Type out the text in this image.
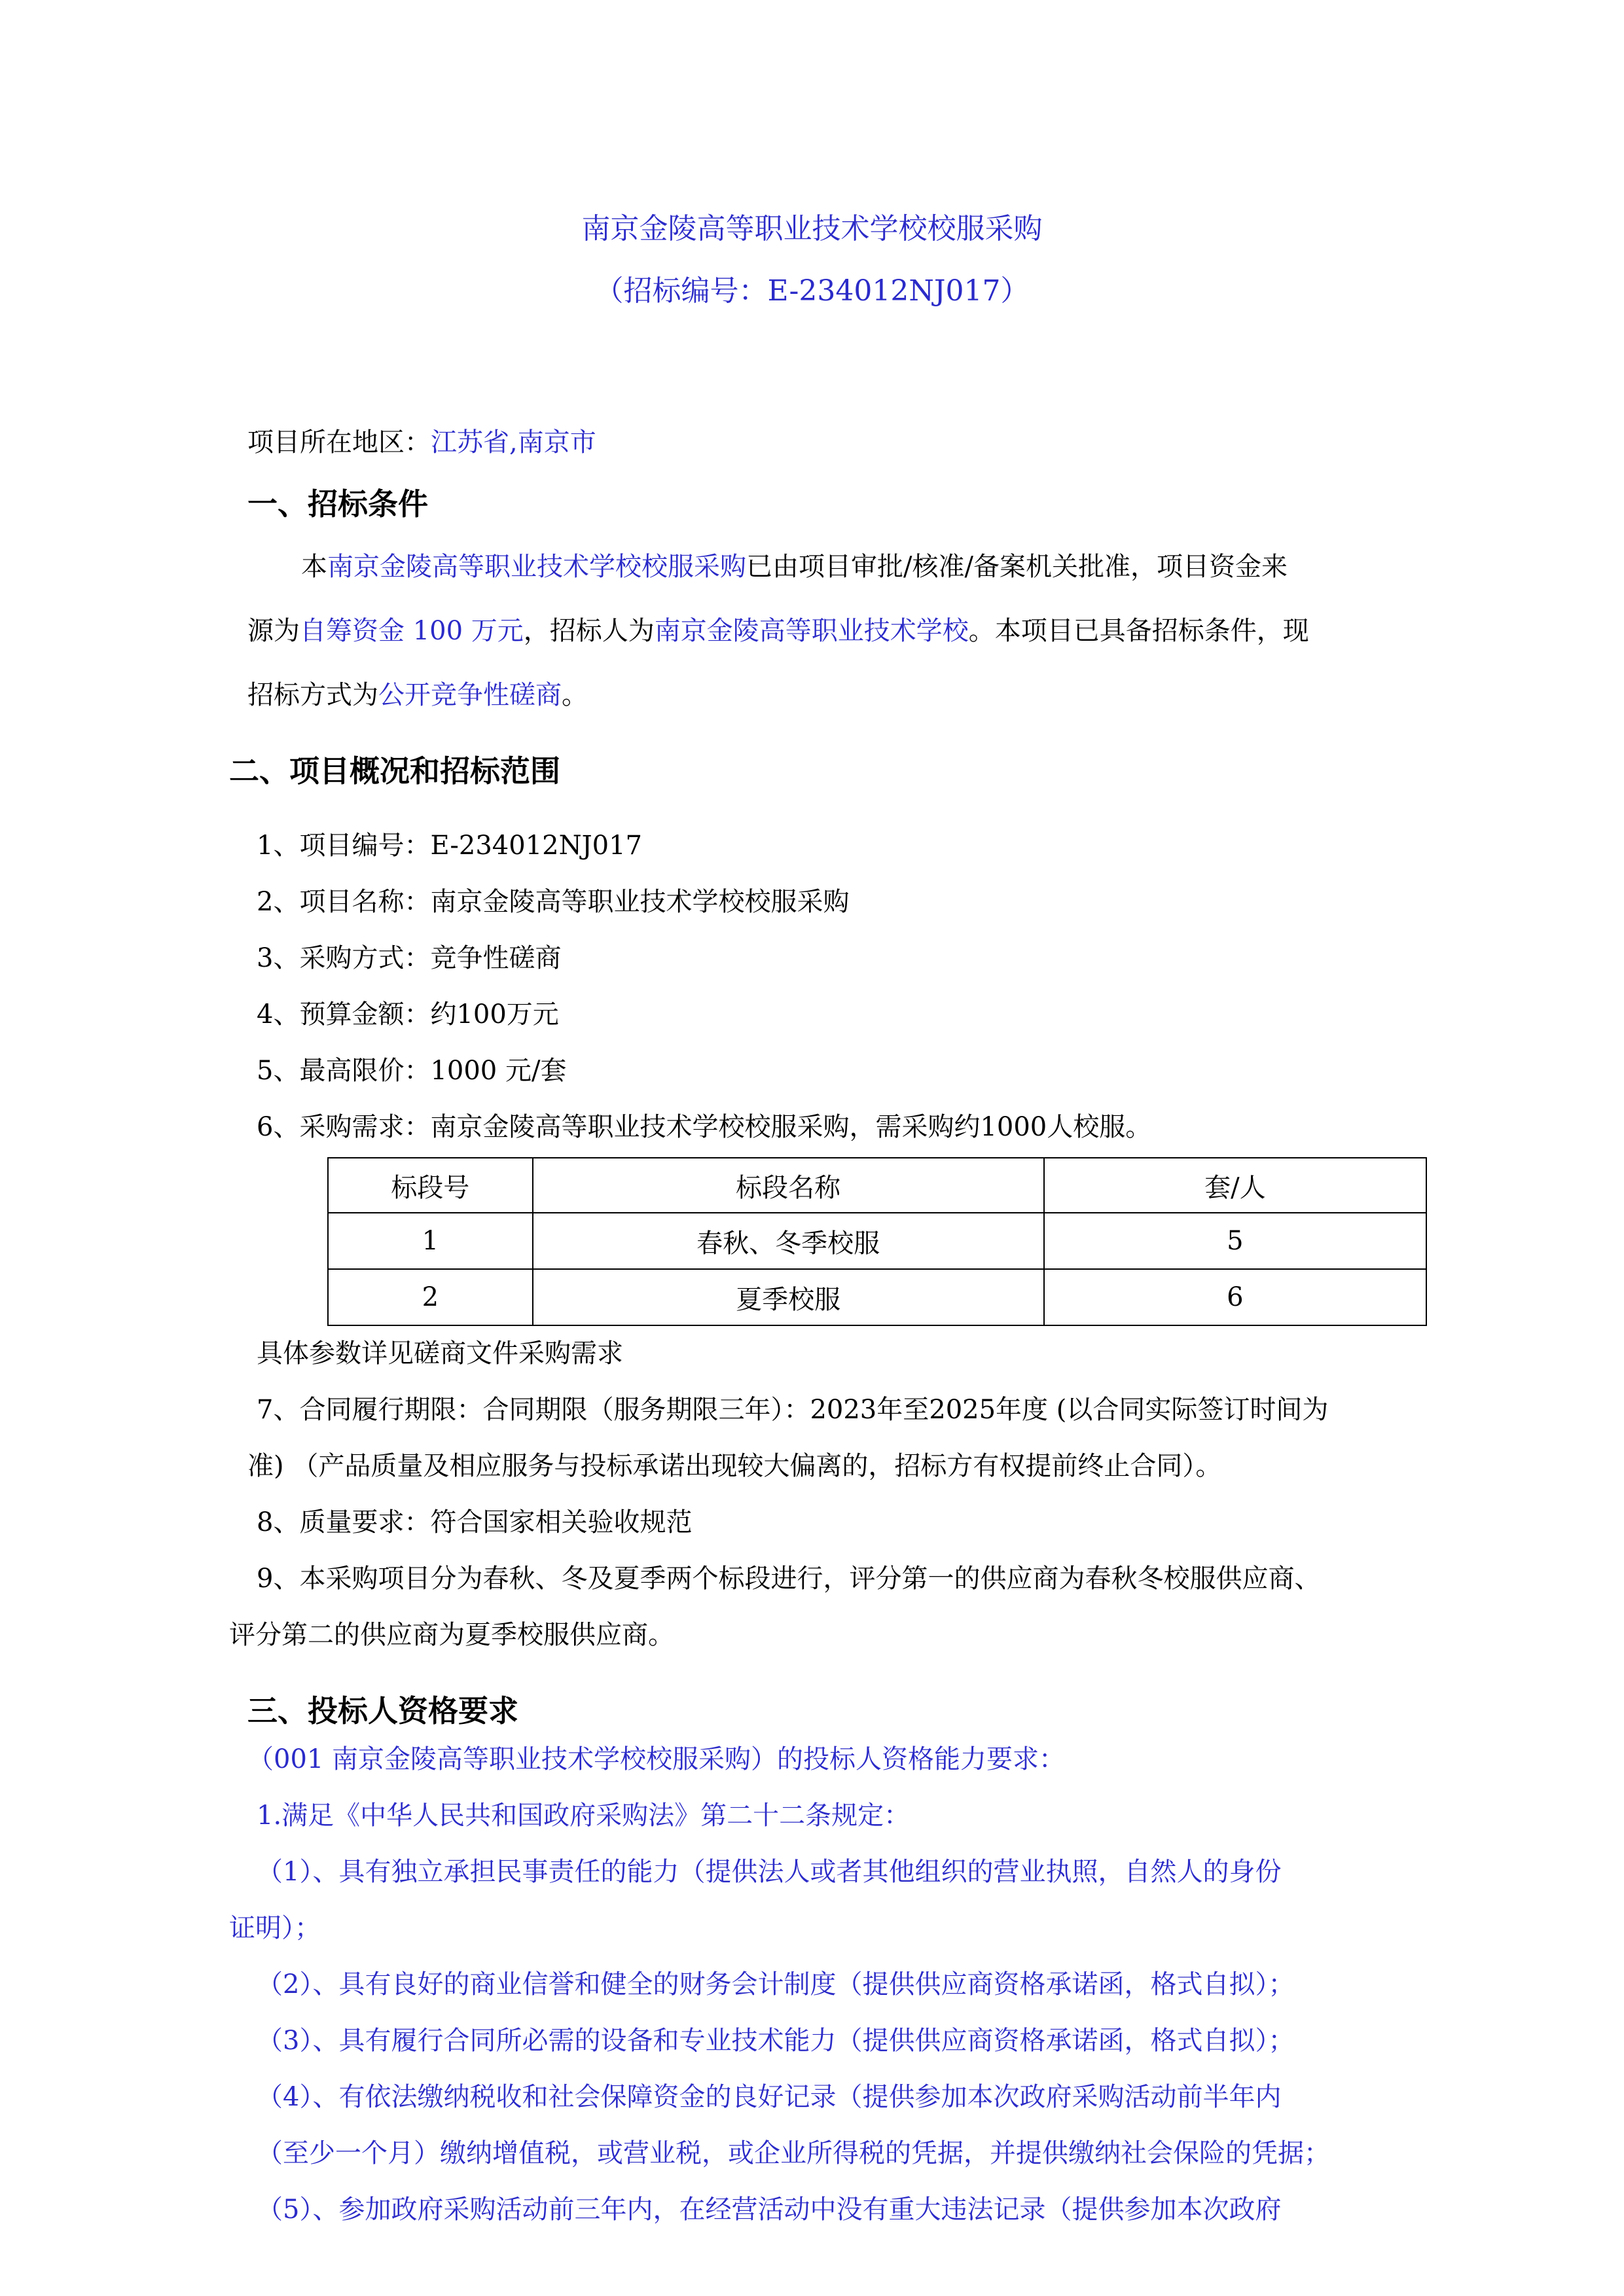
南京金陵高等职业技术学校校服采购
（招标编号：E-234012NJ017）
项目所在地区：江苏省,南京市
一、招标条件
本南京金陵高等职业技术学校校服采购已由项目审批/核准/备案机关批准，项目资金来
源为自筹资金 100 万元，招标人为南京金陵高等职业技术学校。本项目已具备招标条件，现
招标方式为公开竞争性磋商。
二、项目概况和招标范围
1、项目编号：E-234012NJ017
2、项目名称：南京金陵高等职业技术学校校服采购
3、采购方式：竞争性磋商
4、预算金额：约100万元
5、最高限价：1000 元/套
6、采购需求：南京金陵高等职业技术学校校服采购，需采购约1000人校服。
标段号	标段名称	套/人
1	春秋、冬季校服	5
2	夏季校服	6
具体参数详见磋商文件采购需求
7、合同履行期限：合同期限（服务期限三年）：2023年至2025年度 (以合同实际签订时间为
准) （产品质量及相应服务与投标承诺出现较大偏离的，招标方有权提前终止合同）。
8、质量要求：符合国家相关验收规范
9、本采购项目分为春秋、冬及夏季两个标段进行，评分第一的供应商为春秋冬校服供应商、
评分第二的供应商为夏季校服供应商。
三、投标人资格要求
（001 南京金陵高等职业技术学校校服采购）的投标人资格能力要求：
1.满足《中华人民共和国政府采购法》第二十二条规定：
（1）、具有独立承担民事责任的能力（提供法人或者其他组织的营业执照，自然人的身份
证明）；
（2）、具有良好的商业信誉和健全的财务会计制度（提供供应商资格承诺函，格式自拟）；
（3）、具有履行合同所必需的设备和专业技术能力（提供供应商资格承诺函，格式自拟）；
（4）、有依法缴纳税收和社会保障资金的良好记录（提供参加本次政府采购活动前半年内
（至少一个月）缴纳增值税，或营业税，或企业所得税的凭据，并提供缴纳社会保险的凭据；
（5）、参加政府采购活动前三年内，在经营活动中没有重大违法记录（提供参加本次政府
